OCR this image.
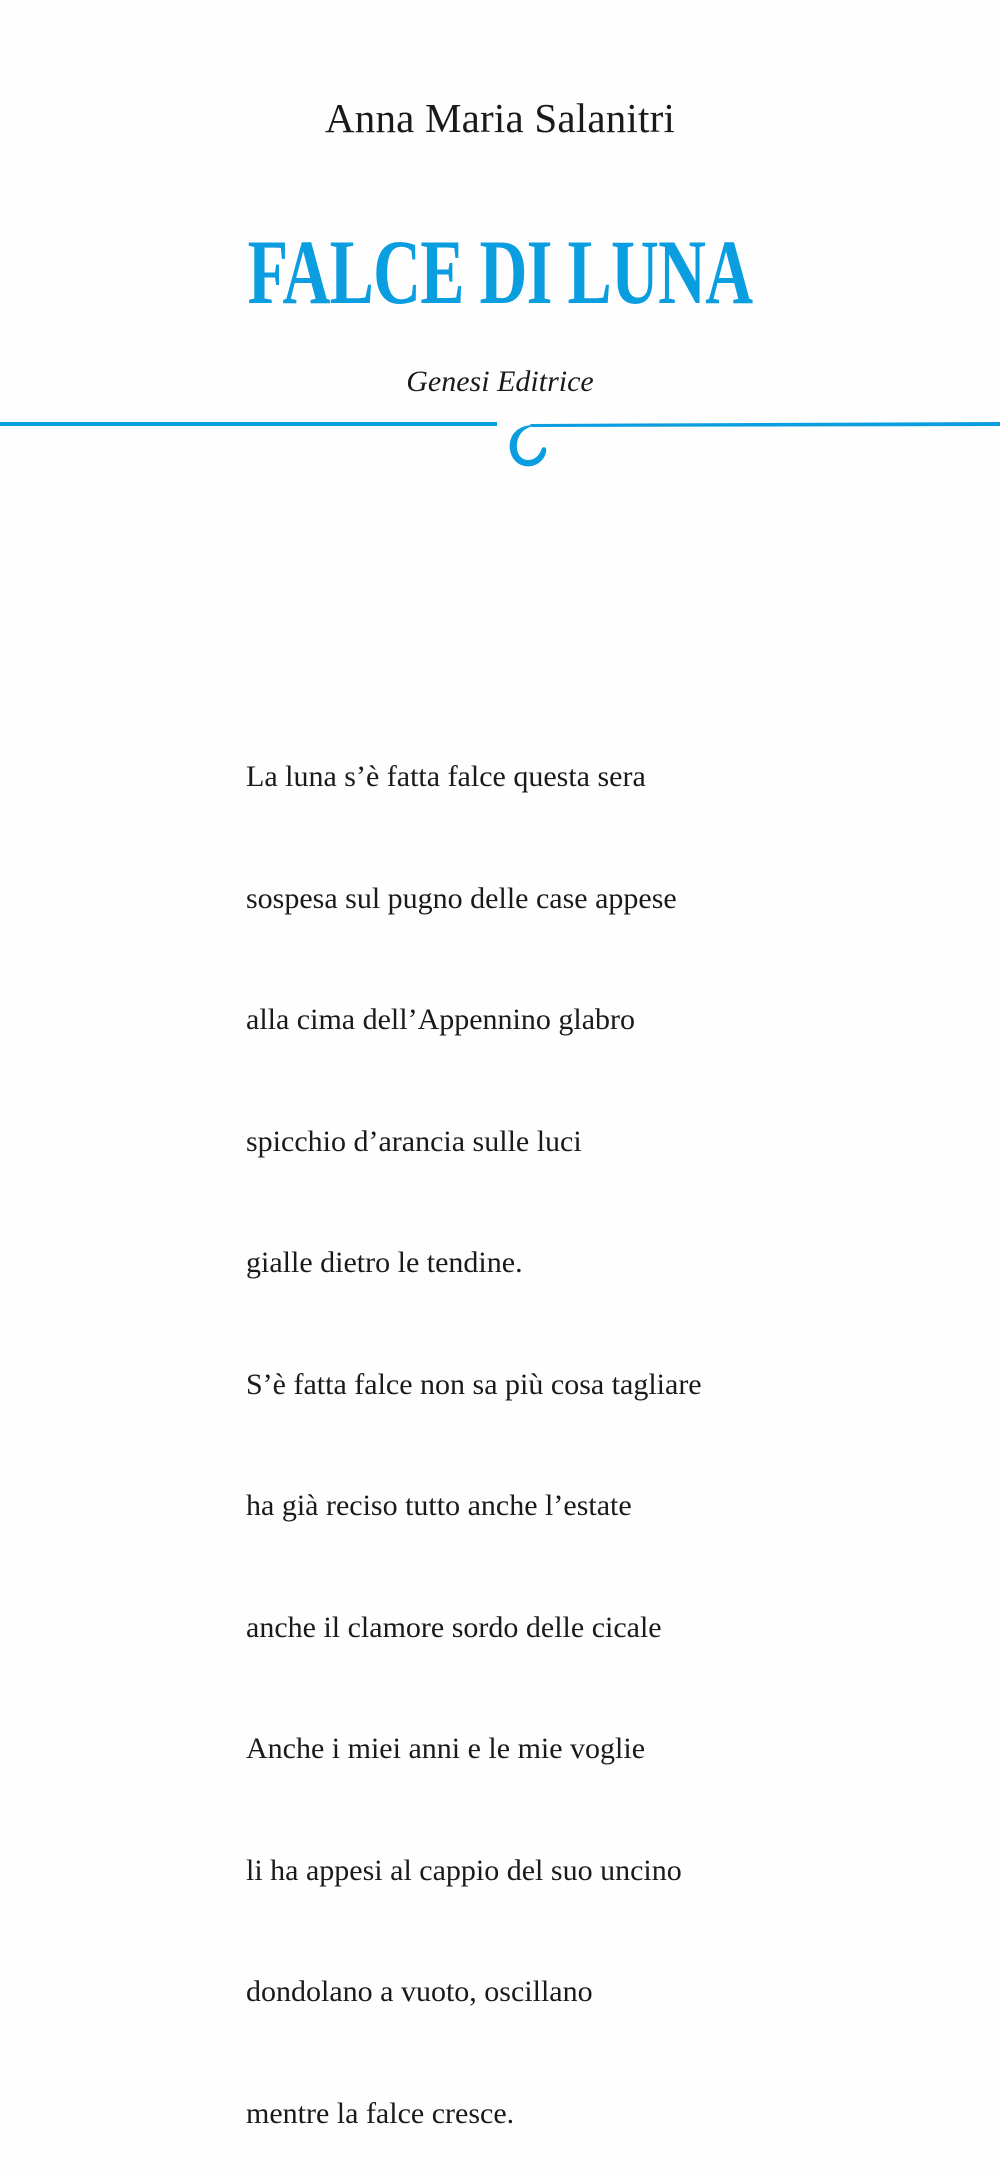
Anna Maria Salanitri
FALCE DI LUNA
Genesi Editrice

La luna s’è fatta falce questa sera

sospesa sul pugno delle case appese

alla cima dell’Appennino glabro

spicchio d’arancia sulle luci

gialle dietro le tendine.

S’è fatta falce non sa più cosa tagliare

ha già reciso tutto anche l’estate

anche il clamore sordo delle cicale

Anche i miei anni e le mie voglie

li ha appesi al cappio del suo uncino

dondolano a vuoto, oscillano

mentre la falce cresce.
